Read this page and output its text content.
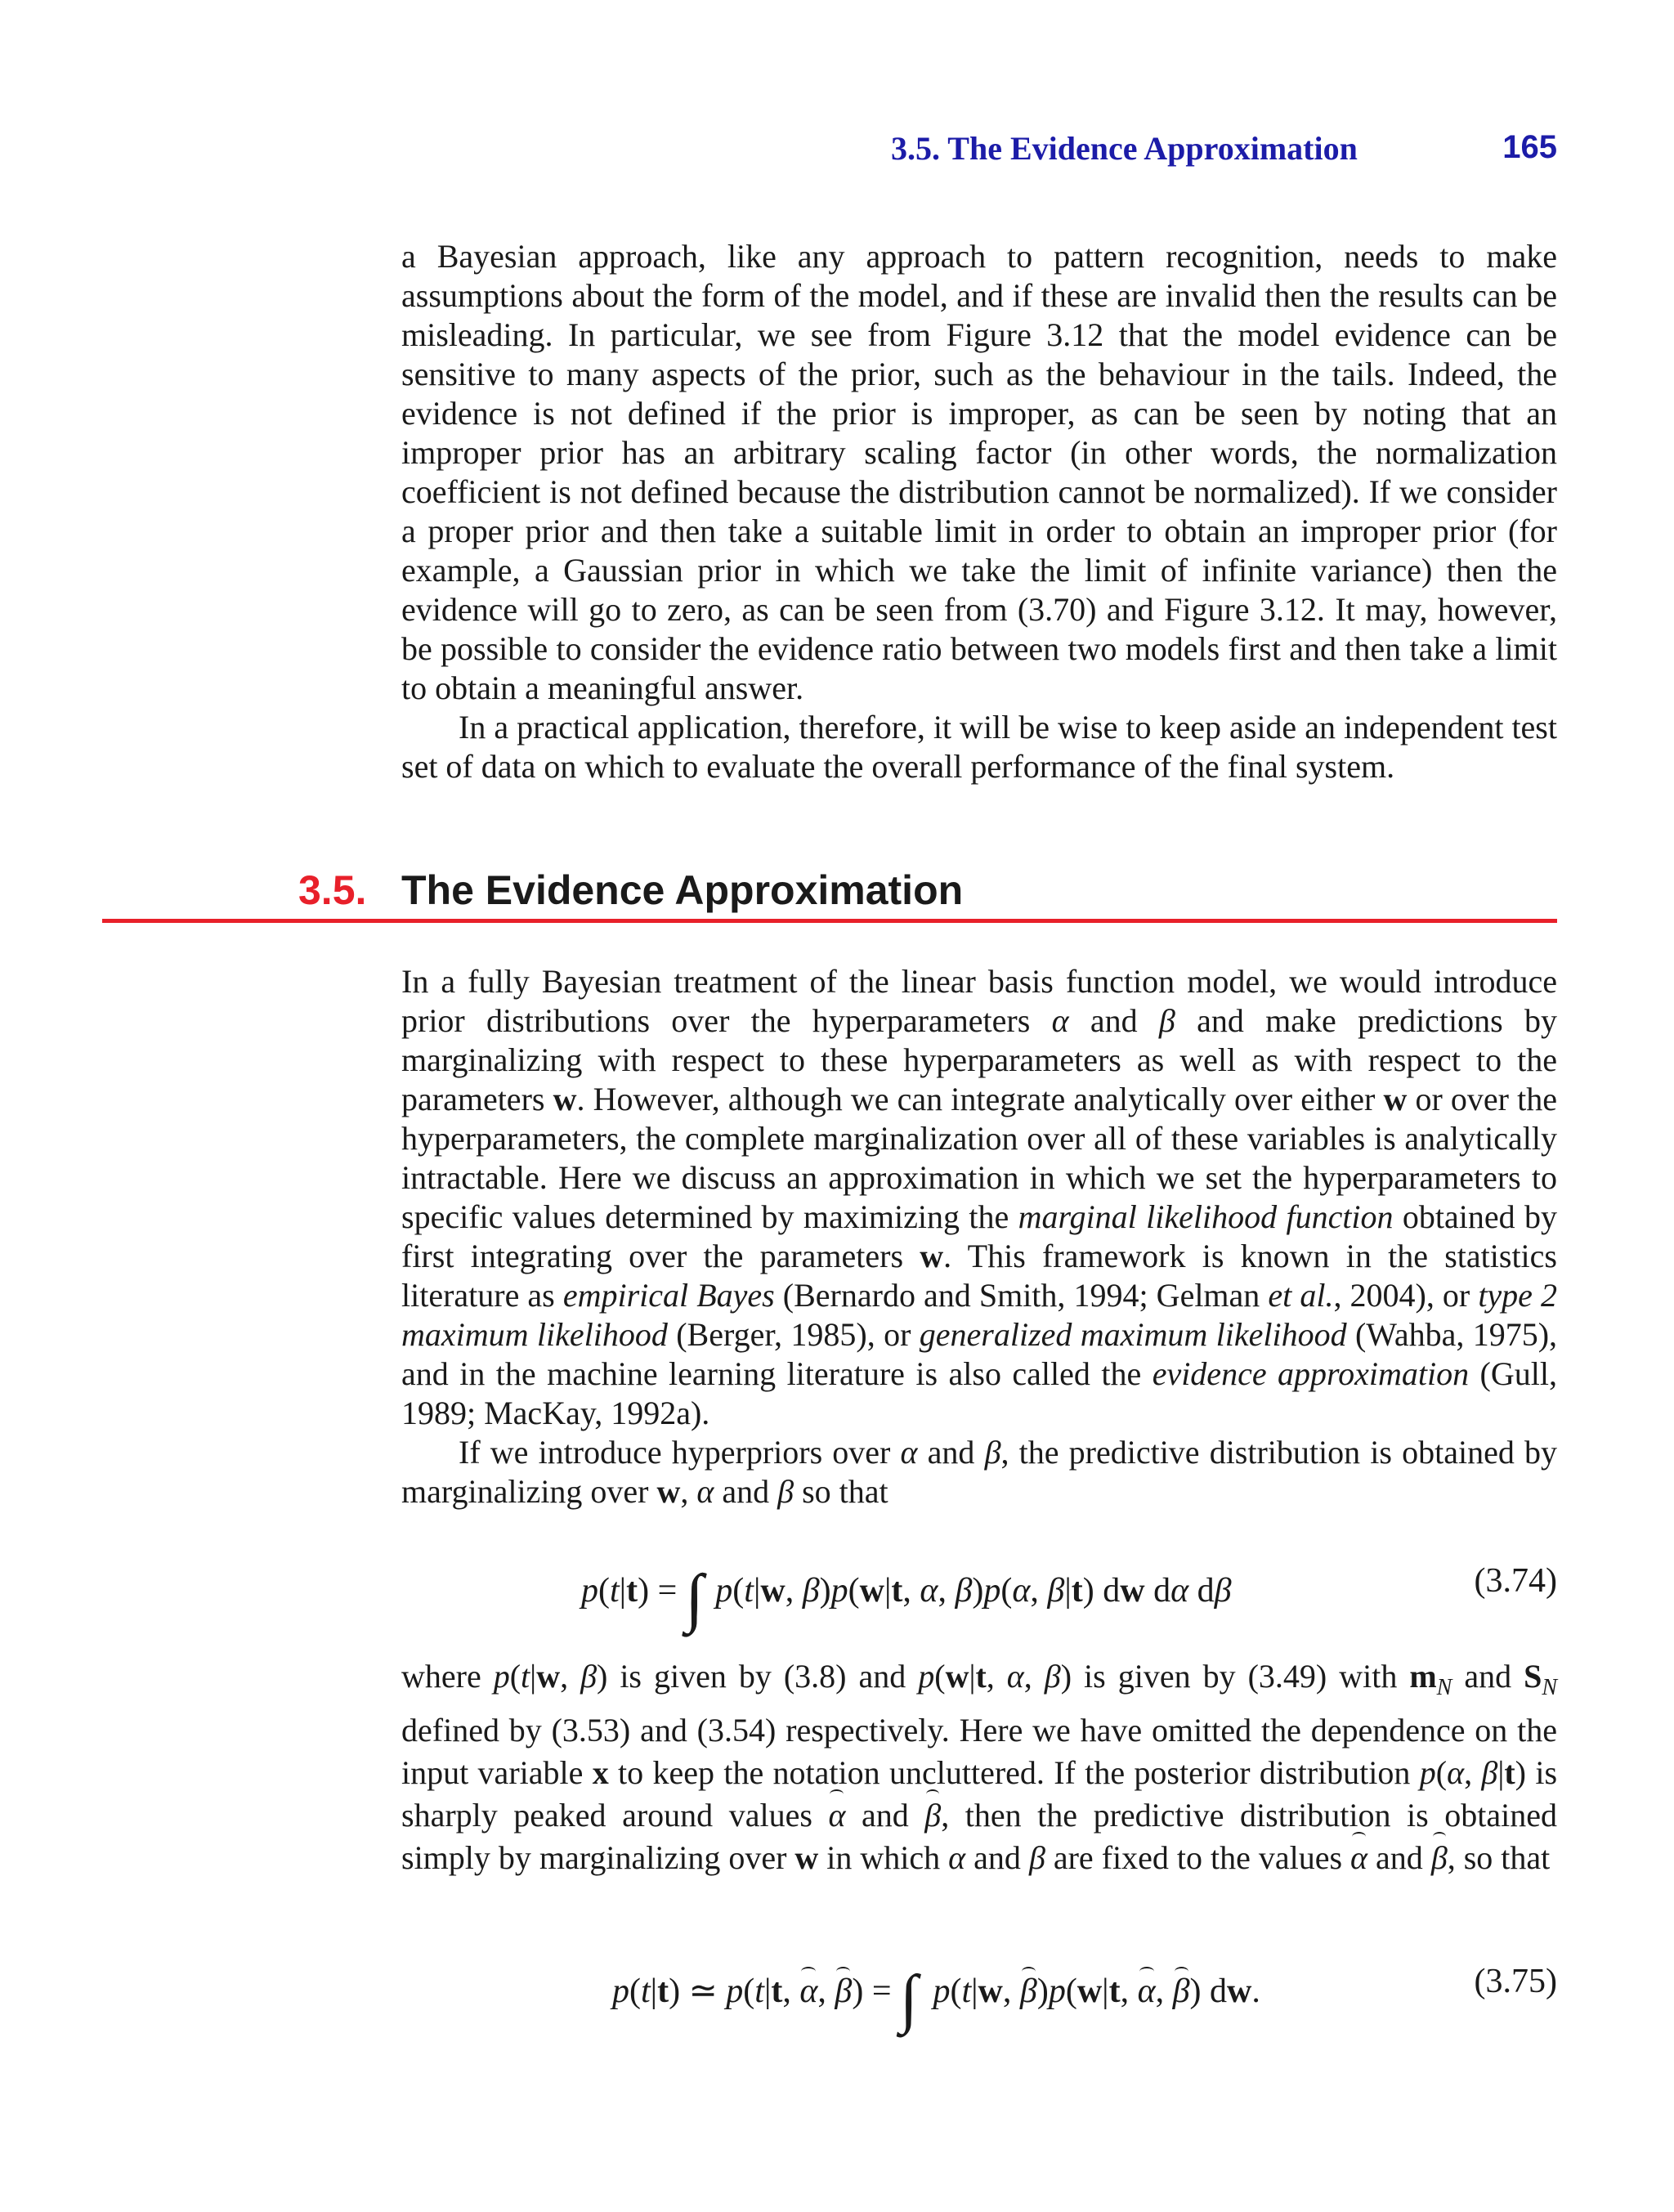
3.5. The Evidence Approximation	165

a Bayesian approach, like any approach to pattern recognition, needs to make assumptions about the form of the model, and if these are invalid then the results can be misleading. In particular, we see from Figure 3.12 that the model evidence can be sensitive to many aspects of the prior, such as the behaviour in the tails. Indeed, the evidence is not defined if the prior is improper, as can be seen by noting that an improper prior has an arbitrary scaling factor (in other words, the normalization coefficient is not defined because the distribution cannot be normalized). If we consider a proper prior and then take a suitable limit in order to obtain an improper prior (for example, a Gaussian prior in which we take the limit of infinite variance) then the evidence will go to zero, as can be seen from (3.70) and Figure 3.12. It may, however, be possible to consider the evidence ratio between two models first and then take a limit to obtain a meaningful answer.

In a practical application, therefore, it will be wise to keep aside an independent test set of data on which to evaluate the overall performance of the final system.

3.5. The Evidence Approximation

In a fully Bayesian treatment of the linear basis function model, we would introduce prior distributions over the hyperparameters α and β and make predictions by marginalizing with respect to these hyperparameters as well as with respect to the parameters w. However, although we can integrate analytically over either w or over the hyperparameters, the complete marginalization over all of these variables is analytically intractable. Here we discuss an approximation in which we set the hyperparameters to specific values determined by maximizing the marginal likelihood function obtained by first integrating over the parameters w. This framework is known in the statistics literature as empirical Bayes (Bernardo and Smith, 1994; Gelman et al., 2004), or type 2 maximum likelihood (Berger, 1985), or generalized maximum likelihood (Wahba, 1975), and in the machine learning literature is also called the evidence approximation (Gull, 1989; MacKay, 1992a).

If we introduce hyperpriors over α and β, the predictive distribution is obtained by marginalizing over w, α and β so that

p(t|t) =  p(t|w, β)p(w|t, α, β)p(α, β|t) dw dα dβ	(3.74)

where p(t|w, β) is given by (3.8) and p(w|t, α, β) is given by (3.49) with $m_N$ and $S_N$ defined by (3.53) and (3.54) respectively. Here we have omitted the dependence on the input variable x to keep the notation uncluttered. If the posterior distribution p(α, β|t) is sharply peaked around values α and β, then the predictive distribution is obtained simply by marginalizing over w in which α and β are fixed to the values α and β, so that

p(t|t) ≃ p(t|t, α, β) = ∫ p(t|w, β)p(w|t, α, β) dw.	(3.75)
